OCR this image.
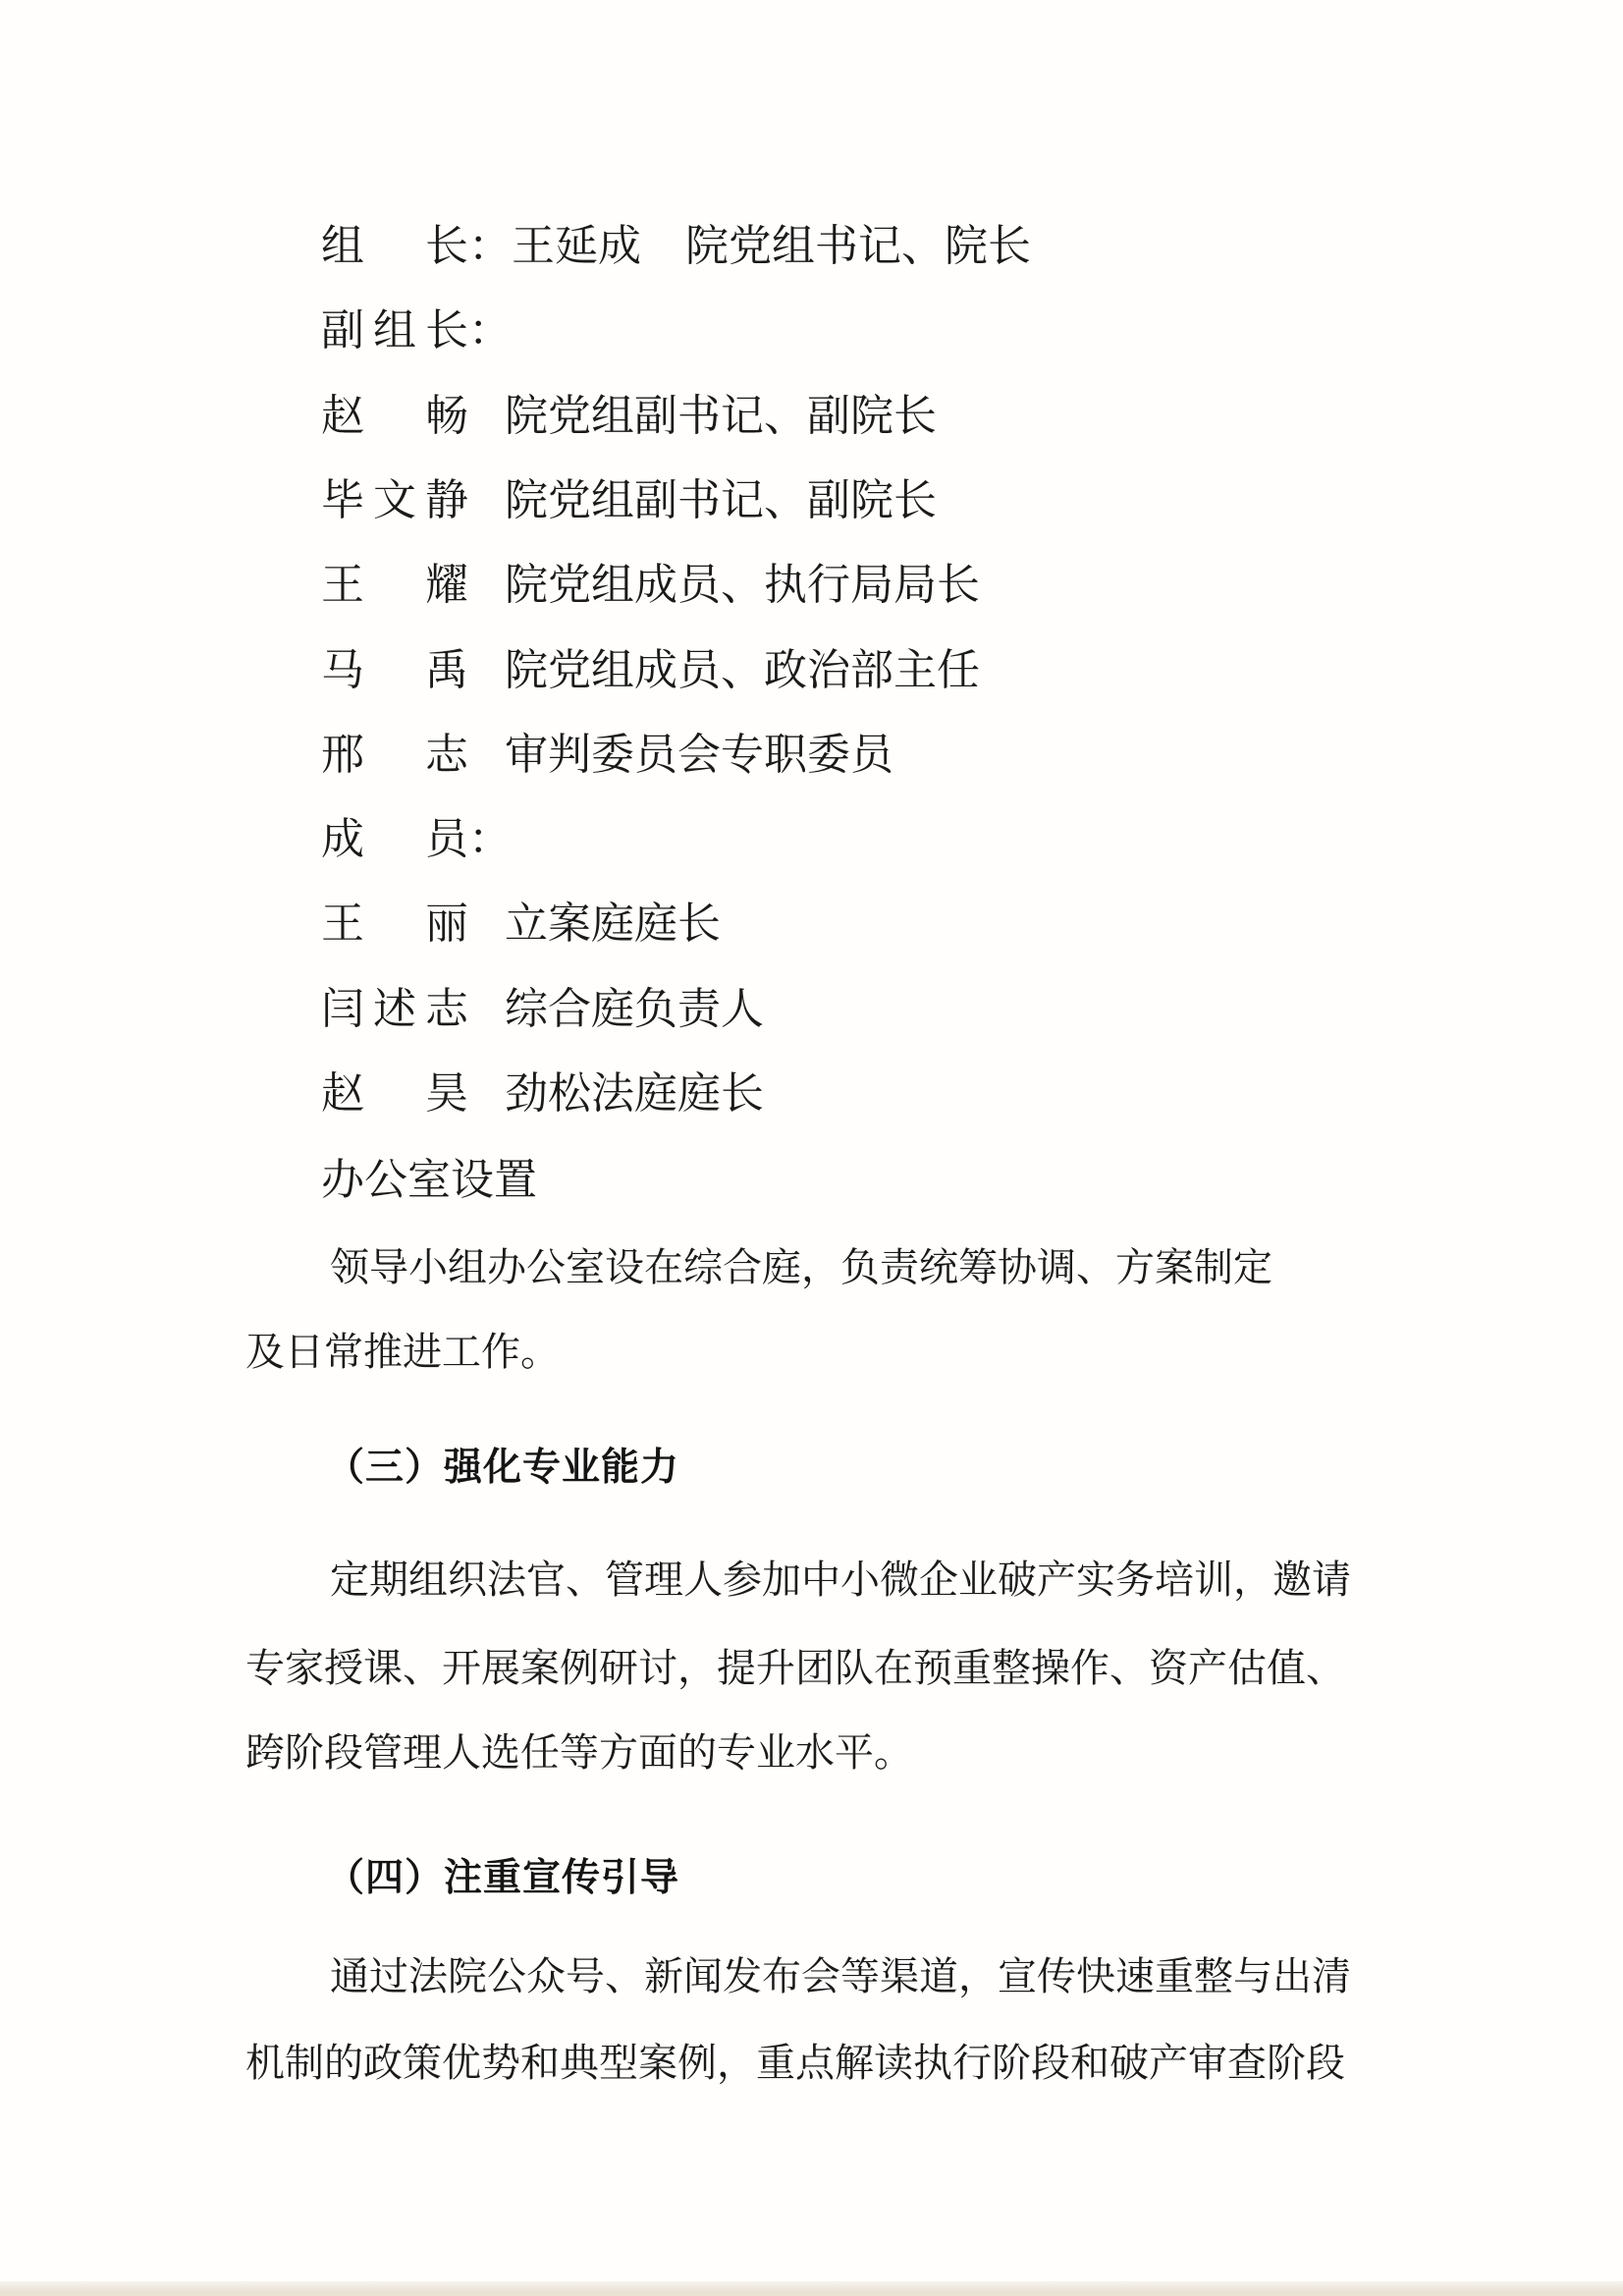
组　长：王延成 院党组书记、院长
副组长：
赵　畅 院党组副书记、副院长
毕文静 院党组副书记、副院长
王　耀 院党组成员、执行局局长
马　禹 院党组成员、政治部主任
邢　志 审判委员会专职委员
成　员：
王　丽 立案庭庭长
闫述志 综合庭负责人
赵　昊 劲松法庭庭长
办公室设置
领导小组办公室设在综合庭，负责统筹协调、方案制定
及日常推进工作。
（三）强化专业能力
定期组织法官、管理人参加中小微企业破产实务培训，邀请
专家授课、开展案例研讨，提升团队在预重整操作、资产估值、
跨阶段管理人选任等方面的专业水平。
（四）注重宣传引导
通过法院公众号、新闻发布会等渠道，宣传快速重整与出清
机制的政策优势和典型案例，重点解读执行阶段和破产审查阶段
